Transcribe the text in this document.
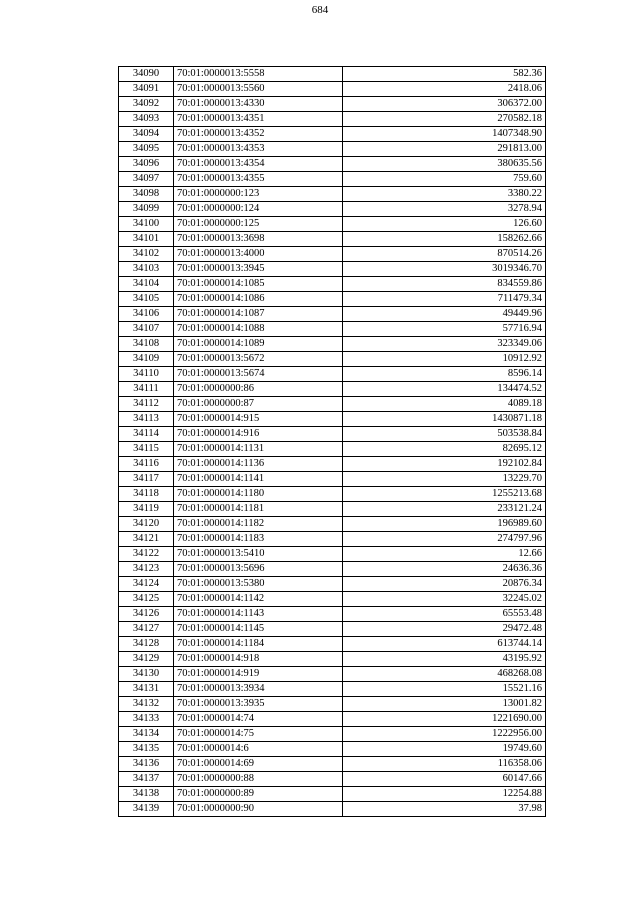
684
34090	70:01:0000013:5558	582.36
34091	70:01:0000013:5560	2418.06
34092	70:01:0000013:4330	306372.00
34093	70:01:0000013:4351	270582.18
34094	70:01:0000013:4352	1407348.90
34095	70:01:0000013:4353	291813.00
34096	70:01:0000013:4354	380635.56
34097	70:01:0000013:4355	759.60
34098	70:01:0000000:123	3380.22
34099	70:01:0000000:124	3278.94
34100	70:01:0000000:125	126.60
34101	70:01:0000013:3698	158262.66
34102	70:01:0000013:4000	870514.26
34103	70:01:0000013:3945	3019346.70
34104	70:01:0000014:1085	834559.86
34105	70:01:0000014:1086	711479.34
34106	70:01:0000014:1087	49449.96
34107	70:01:0000014:1088	57716.94
34108	70:01:0000014:1089	323349.06
34109	70:01:0000013:5672	10912.92
34110	70:01:0000013:5674	8596.14
34111	70:01:0000000:86	134474.52
34112	70:01:0000000:87	4089.18
34113	70:01:0000014:915	1430871.18
34114	70:01:0000014:916	503538.84
34115	70:01:0000014:1131	82695.12
34116	70:01:0000014:1136	192102.84
34117	70:01:0000014:1141	13229.70
34118	70:01:0000014:1180	1255213.68
34119	70:01:0000014:1181	233121.24
34120	70:01:0000014:1182	196989.60
34121	70:01:0000014:1183	274797.96
34122	70:01:0000013:5410	12.66
34123	70:01:0000013:5696	24636.36
34124	70:01:0000013:5380	20876.34
34125	70:01:0000014:1142	32245.02
34126	70:01:0000014:1143	65553.48
34127	70:01:0000014:1145	29472.48
34128	70:01:0000014:1184	613744.14
34129	70:01:0000014:918	43195.92
34130	70:01:0000014:919	468268.08
34131	70:01:0000013:3934	15521.16
34132	70:01:0000013:3935	13001.82
34133	70:01:0000014:74	1221690.00
34134	70:01:0000014:75	1222956.00
34135	70:01:0000014:6	19749.60
34136	70:01:0000014:69	116358.06
34137	70:01:0000000:88	60147.66
34138	70:01:0000000:89	12254.88
34139	70:01:0000000:90	37.98
